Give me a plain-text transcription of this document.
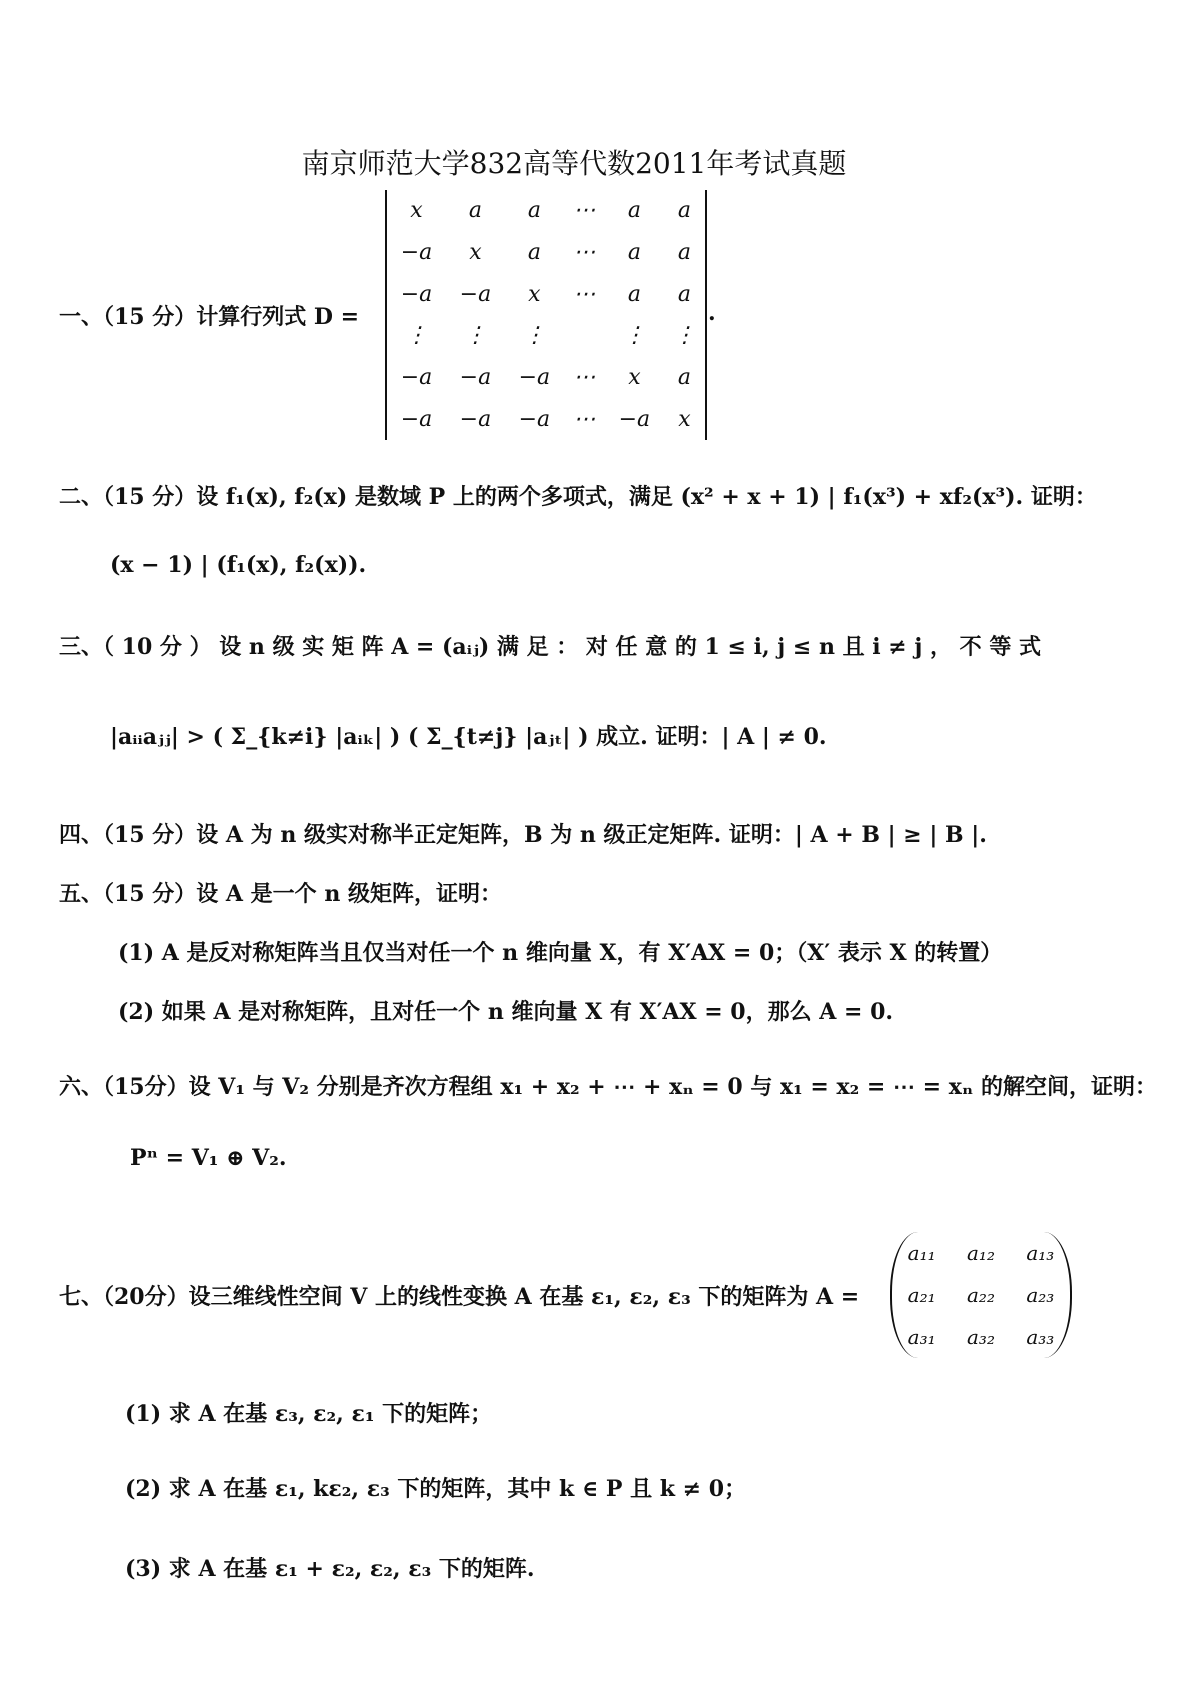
南京师范大学832高等代数2011年考试真题
一、（15 分）计算行列式 D =
x	a	a	⋯	a	a
−a	x	a	⋯	a	a
−a	−a	x	⋯	a	a
⋮	⋮	⋮		⋮	⋮
−a	−a	−a	⋯	x	a
−a	−a	−a	⋯	−a	x
.
二、（15 分）设 f₁(x), f₂(x) 是数域 P 上的两个多项式，满足 (x² + x + 1) | f₁(x³) + xf₂(x³). 证明：
(x − 1) | (f₁(x), f₂(x)).
三、（ 10 分 ） 设 n 级 实 矩 阵 A = (aᵢⱼ) 满 足 ： 对 任 意 的 1 ≤ i, j ≤ n 且 i ≠ j ， 不 等 式
|aᵢᵢaⱼⱼ| > ( Σ_{k≠i} |aᵢₖ| ) ( Σ_{t≠j} |aⱼₜ| ) 成立. 证明：| A | ≠ 0.
四、（15 分）设 A 为 n 级实对称半正定矩阵，B 为 n 级正定矩阵. 证明：| A + B | ≥ | B |.
五、（15 分）设 A 是一个 n 级矩阵，证明：
(1) A 是反对称矩阵当且仅当对任一个 n 维向量 X，有 X′AX = 0；（X′ 表示 X 的转置）
(2) 如果 A 是对称矩阵，且对任一个 n 维向量 X 有 X′AX = 0，那么 A = 0.
六、（15分）设 V₁ 与 V₂ 分别是齐次方程组 x₁ + x₂ + ⋯ + xₙ = 0 与 x₁ = x₂ = ⋯ = xₙ 的解空间，证明：
Pⁿ = V₁ ⊕ V₂.
七、（20分）设三维线性空间 V 上的线性变换 A 在基 ε₁, ε₂, ε₃ 下的矩阵为 A =
a₁₁	a₁₂	a₁₃
a₂₁	a₂₂	a₂₃
a₃₁	a₃₂	a₃₃
(1) 求 A 在基 ε₃, ε₂, ε₁ 下的矩阵；
(2) 求 A 在基 ε₁, kε₂, ε₃ 下的矩阵，其中 k ∈ P 且 k ≠ 0；
(3) 求 A 在基 ε₁ + ε₂, ε₂, ε₃ 下的矩阵.
